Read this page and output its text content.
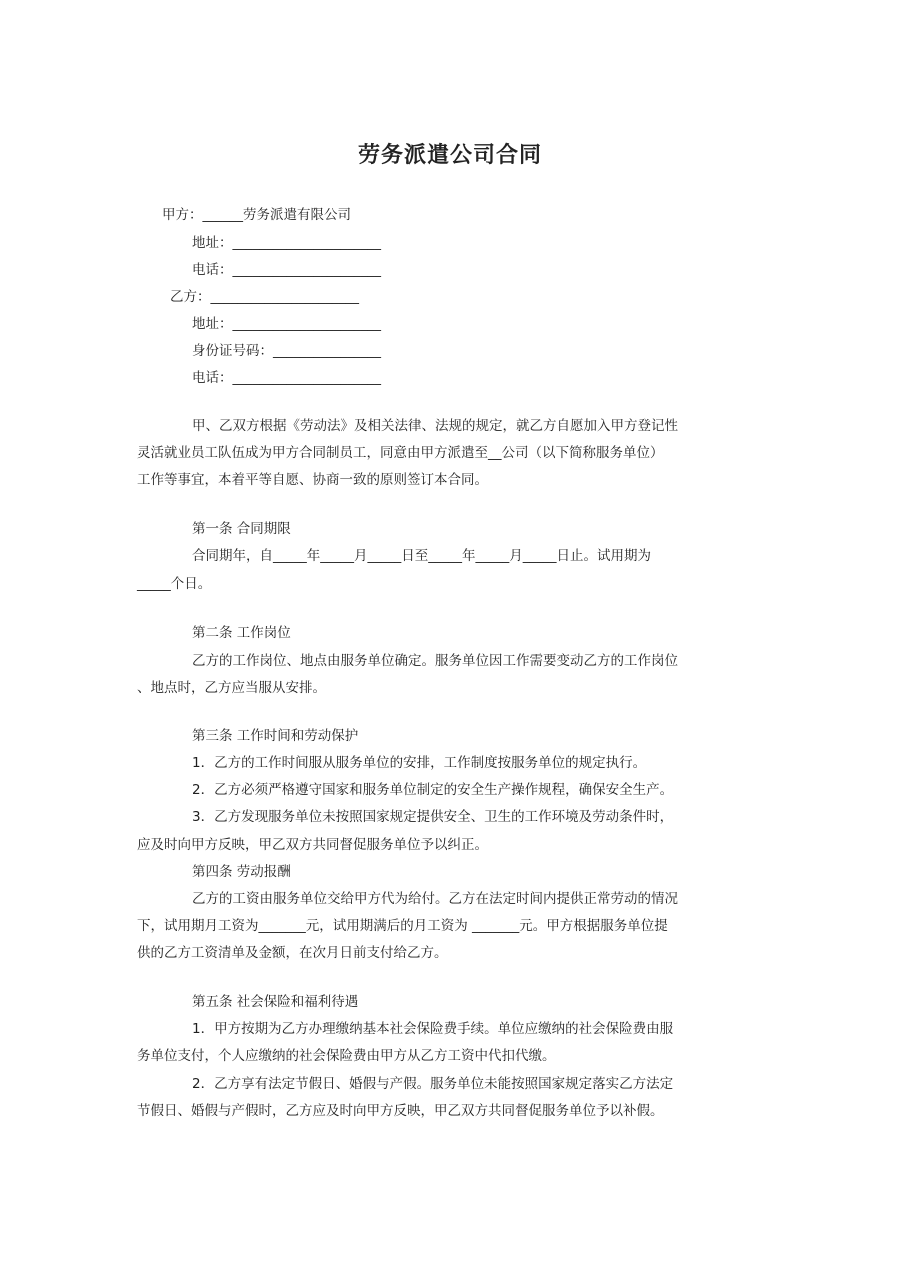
劳务派遣公司合同
甲方：______劳务派遣有限公司
地址：______________________
电话：______________________
乙方：______________________
地址：______________________
身份证号码：________________
电话：______________________
甲、乙双方根据《劳动法》及相关法律、法规的规定，就乙方自愿加入甲方登记性
灵活就业员工队伍成为甲方合同制员工，同意由甲方派遣至__公司（以下简称服务单位）
工作等事宜，本着平等自愿、协商一致的原则签订本合同。
第一条 合同期限
合同期年，自_____年_____月_____日至_____年_____月_____日止。试用期为
_____个日。
第二条 工作岗位
乙方的工作岗位、地点由服务单位确定。服务单位因工作需要变动乙方的工作岗位
、地点时，乙方应当服从安排。
第三条 工作时间和劳动保护
1．乙方的工作时间服从服务单位的安排，工作制度按服务单位的规定执行。
2．乙方必须严格遵守国家和服务单位制定的安全生产操作规程，确保安全生产。
3．乙方发现服务单位未按照国家规定提供安全、卫生的工作环境及劳动条件时，
应及时向甲方反映，甲乙双方共同督促服务单位予以纠正。
第四条 劳动报酬
乙方的工资由服务单位交给甲方代为给付。乙方在法定时间内提供正常劳动的情况
下，试用期月工资为_______元，试用期满后的月工资为 _______元。甲方根据服务单位提
供的乙方工资清单及金额，在次月日前支付给乙方。
第五条 社会保险和福利待遇
1．甲方按期为乙方办理缴纳基本社会保险费手续。单位应缴纳的社会保险费由服
务单位支付，个人应缴纳的社会保险费由甲方从乙方工资中代扣代缴。
2．乙方享有法定节假日、婚假与产假。服务单位未能按照国家规定落实乙方法定
节假日、婚假与产假时，乙方应及时向甲方反映，甲乙双方共同督促服务单位予以补假。
